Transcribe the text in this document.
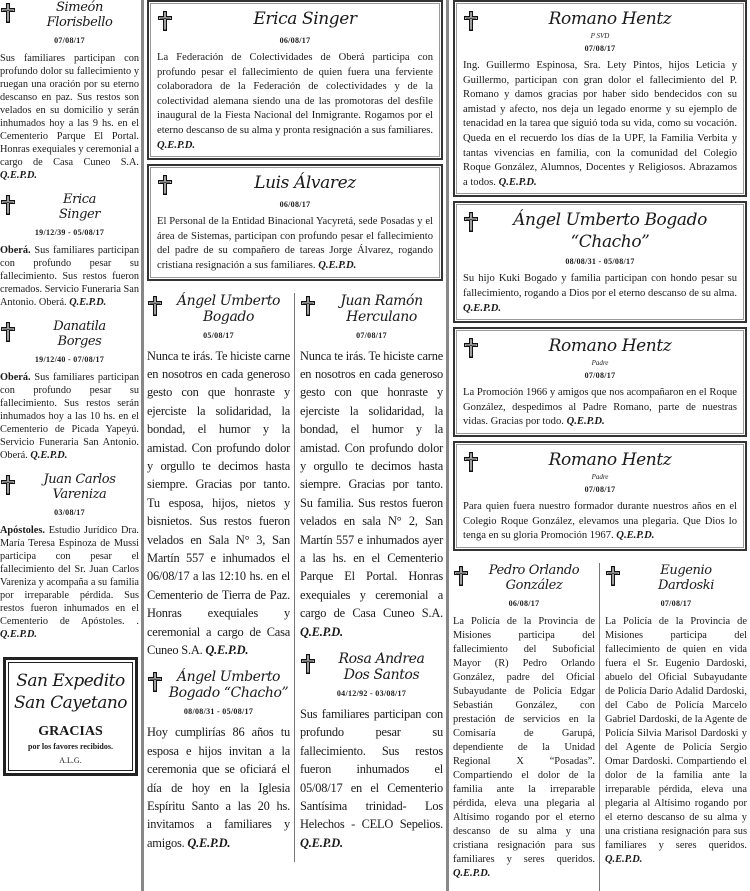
Simeón
Florisbello
07/08/17

Sus familiares participan con profundo dolor su fallecimiento y ruegan una oración por su eterno descanso en paz. Sus restos son velados en su domicilio y serán inhumados hoy a las 9 hs. en el Cementerio Parque El Portal. Honras exequiales y ceremonial a cargo de Casa Cuneo S.A. Q.E.P.D.

Erica
Singer
19/12/39 - 05/08/17

Oberá. Sus familiares participan con profundo pesar su fallecimiento. Sus restos fueron cremados. Servicio Funeraria San Antonio. Oberá. Q.E.P.D.

Danatila
Borges
19/12/40 - 07/08/17

Oberá. Sus familiares participan con profundo pesar su fallecimiento. Sus restos serán inhumados hoy a las 10 hs. en el Cementerio de Picada Yapeyú. Servicio Funeraria San Antonio. Oberá. Q.E.P.D.

Juan Carlos
Vareniza
03/08/17

Apóstoles. Estudio Jurídico Dra. María Teresa Espinoza de Mussi participa con pesar el fallecimiento del Sr. Juan Carlos Vareniza y acompaña a su familia por irreparable pérdida. Sus restos fueron inhumados en el Cementerio de Apóstoles. . Q.E.P.D.

San Expedito
San Cayetano
GRACIAS
por los favores recibidos.
A.L.G.
Erica Singer
06/08/17

La Federación de Colectividades de Oberá participa con profundo pesar el fallecimiento de quien fuera una ferviente colaboradora de la Federación de colectividades y de la colectividad alemana siendo una de las promotoras del desfile inaugural de la Fiesta Nacional del Inmigrante. Rogamos por el eterno descanso de su alma y pronta resignación a sus familiares. Q.E.P.D.

Luis Álvarez
06/08/17

El Personal de la Entidad Binacional Yacyretá, sede Posadas y el área de Sistemas, participan con profundo pesar el fallecimiento del padre de su compañero de tareas Jorge Álvarez, rogando cristiana resignación a sus familiares. Q.E.P.D.

Ángel Umberto
Bogado
05/08/17

Nunca te irás. Te hiciste carne en nosotros en cada generoso gesto con que honraste y ejerciste la solidaridad, la bondad, el humor y la amistad. Con profundo dolor y orgullo te decimos hasta siempre. Gracias por tanto. Tu esposa, hijos, nietos y bisnietos. Sus restos fueron velados en Sala N° 3, San Martín 557 e inhumados el 06/08/17 a las 12:10 hs. en el Cementerio de Tierra de Paz. Honras exequiales y ceremonial a cargo de Casa Cuneo S.A. Q.E.P.D.

Ángel Umberto
Bogado “Chacho”
08/08/31 - 05/08/17

Hoy cumplirías 86 años tu esposa e hijos invitan a la ceremonia que se oficiará el día de hoy en la Iglesia Espíritu Santo a las 20 hs. invitamos a familiares y amigos. Q.E.P.D.

Juan Ramón
Herculano
07/08/17

Nunca te irás. Te hiciste carne en nosotros en cada generoso gesto con que honraste y ejerciste la solidaridad, la bondad, el humor y la amistad. Con profundo dolor y orgullo te decimos hasta siempre. Gracias por tanto. Su familia. Sus restos fueron velados en sala N° 2, San Martín 557 e inhumados ayer a las hs. en el Cementerio Parque El Portal. Honras exequiales y ceremonial a cargo de Casa Cuneo S.A. Q.E.P.D.

Rosa Andrea
Dos Santos
04/12/92 - 03/08/17

Sus familiares participan con profundo pesar su fallecimiento. Sus restos fueron inhumados el 05/08/17 en el Cementerio Santísima trinidad- Los Helechos - CELO Sepelios. Q.E.P.D.

Romano Hentz
P SVD
07/08/17

Ing. Guillermo Espinosa, Sra. Lety Pintos, hijos Leticia y Guillermo, participan con gran dolor el fallecimiento del P. Romano y damos gracias por haber sido bendecidos con su amistad y afecto, nos deja un legado enorme y su ejemplo de tenacidad en la tarea que siguió toda su vida, como su vocación. Queda en el recuerdo los días de la UPF, la Familia Verbita y tantas vivencias en familia, con la comunidad del Colegio Roque González, Alumnos, Docentes y Religiosos. Abrazamos a todos. Q.E.P.D.

Ángel Umberto Bogado “Chacho”
08/08/31 - 05/08/17

Su hijo Kuki Bogado y familia participan con hondo pesar su fallecimiento, rogando a Dios por el eterno descanso de su alma. Q.E.P.D.

Romano Hentz
Padre
07/08/17

La Promoción 1966 y amigos que nos acompañaron en el Roque González, despedimos al Padre Romano, parte de nuestras vidas. Gracias por todo. Q.E.P.D.

Romano Hentz
Padre
07/08/17

Para quien fuera nuestro formador durante nuestros años en el Colegio Roque González, elevamos una plegaria. Que Dios lo tenga en su gloria Promoción 1967. Q.E.P.D.

Pedro Orlando
González
06/08/17

La Policía de la Provincia de Misiones participa del fallecimiento del Suboficial Mayor (R) Pedro Orlando González, padre del Oficial Subayudante de Policía Edgar Sebastián González, con prestación de servicios en la Comisaría de Garupá, dependiente de la Unidad Regional X “Posadas”. Compartiendo el dolor de la familia ante la irreparable pérdida, eleva una plegaria al Altísimo rogando por el eterno descanso de su alma y una cristiana resignación para sus familiares y seres queridos. Q.E.P.D.

Eugenio
Dardoski
07/08/17

La Policía de la Provincia de Misiones participa del fallecimiento de quien en vida fuera el Sr. Eugenio Dardoski, abuelo del Oficial Subayudante de Policía Darío Adalid Dardoski, del Cabo de Policía Marcelo Gabriel Dardoski, de la Agente de Policía Silvia Marisol Dardoski y del Agente de Policía Sergio Omar Dardoski. Compartiendo el dolor de la familia ante la irreparable pérdida, eleva una plegaria al Altísimo rogando por el eterno descanso de su alma y una cristiana resignación para sus familiares y seres queridos. Q.E.P.D.
